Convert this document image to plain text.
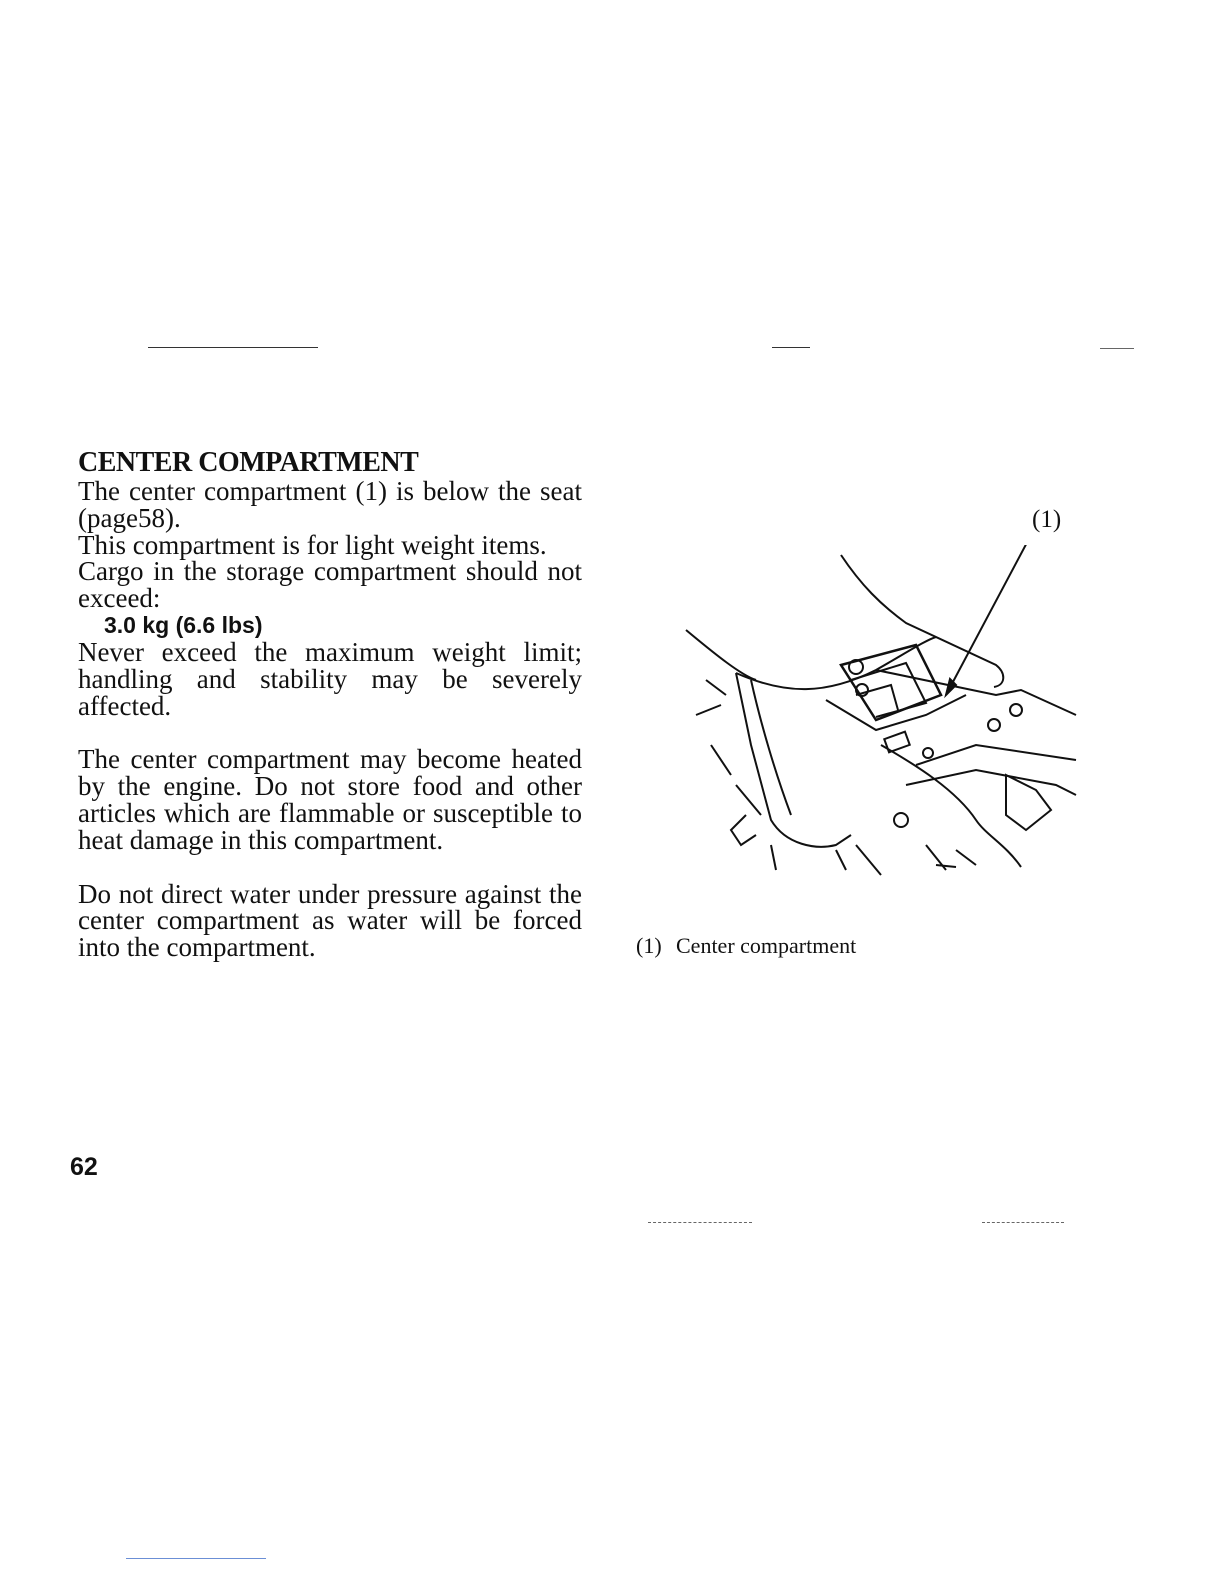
CENTER COMPARTMENT

The center compartment (1) is below the seat (page58).

This compartment is for light weight items.

Cargo in the storage compartment should not exceed:

3.0 kg (6.6 lbs)

Never exceed the maximum weight limit; handling and stability may be severely affected.

The center compartment may become heated by the engine. Do not store food and other articles which are flammable or susceptible to heat damage in this compartment.

Do not direct water under pressure against the center compartment as water will be forced into the compartment.

(1)
(1) Center compartment
62
